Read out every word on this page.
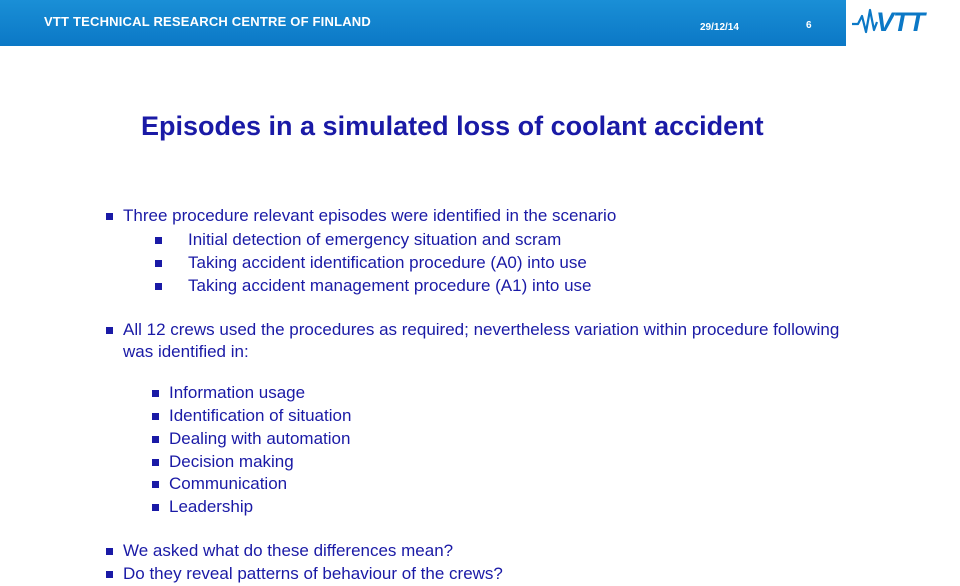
VTT TECHNICAL RESEARCH CENTRE OF FINLAND	29/12/14	6 VTT
Episodes in a simulated loss of coolant accident
Three procedure relevant episodes were identified in the scenario
Initial detection of emergency situation and scram
Taking accident identification procedure (A0) into use
Taking accident management procedure (A1) into use
All 12 crews used the procedures as required; nevertheless variation within procedure following was identified in:
Information usage
Identification of situation
Dealing with automation
Decision making
Communication
Leadership
We asked what do these differences mean?
Do they reveal patterns of behaviour of the crews?
